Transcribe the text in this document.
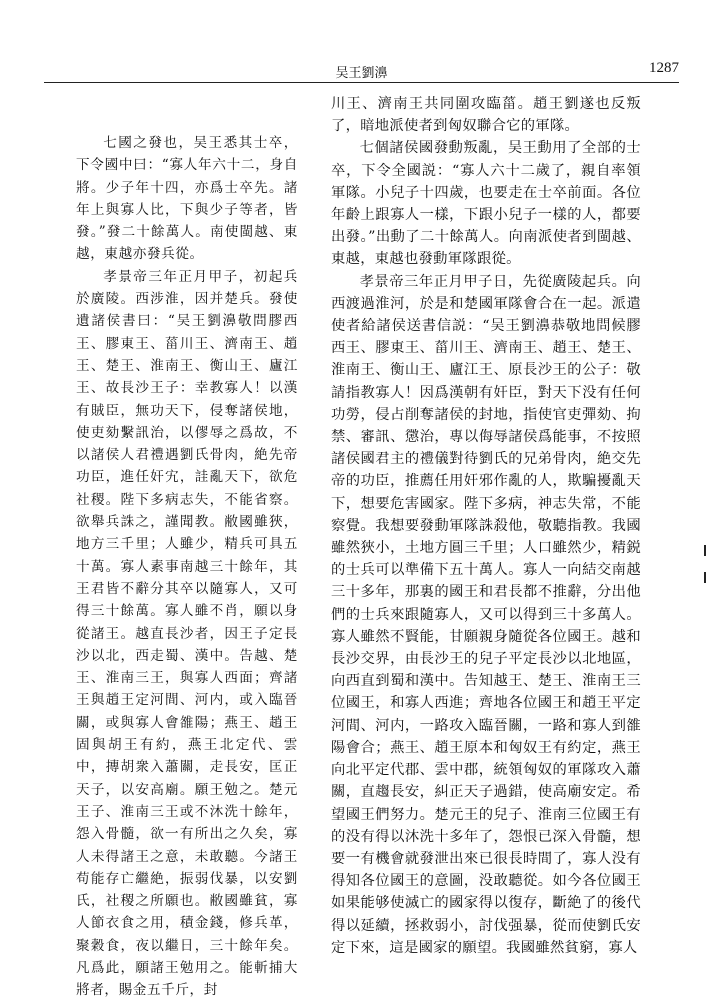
吴王劉濞	1287

七國之發也，吴王悉其士卒，下令國中曰：“寡人年六十二，身自將。少子年十四，亦爲士卒先。諸年上與寡人比，下與少子等者，皆發。”發二十餘萬人。南使閩越、東越，東越亦發兵從。

孝景帝三年正月甲子，初起兵於廣陵。西涉淮，因并楚兵。發使遺諸侯書曰：“吴王劉濞敬問膠西王、膠東王、菑川王、濟南王、趙王、楚王、淮南王、衡山王、廬江王、故長沙王子：幸教寡人！以漢有賊臣，無功天下，侵奪諸侯地，使吏劾繫訊治，以僇辱之爲故，不以諸侯人君禮遇劉氏骨肉，絶先帝功臣，進任奸宄，詿亂天下，欲危社稷。陛下多病志失，不能省察。欲舉兵誅之，謹聞教。敝國雖狹，地方三千里；人雖少，精兵可具五十萬。寡人素事南越三十餘年，其王君皆不辭分其卒以隨寡人，又可得三十餘萬。寡人雖不肖，願以身從諸王。越直長沙者，因王子定長沙以北，西走蜀、漢中。告越、楚王、淮南三王，與寡人西面；齊諸王與趙王定河間、河内，或入臨晉關，或與寡人會雒陽；燕王、趙王固與胡王有約，燕王北定代、雲中，摶胡衆入蕭關，走長安，匡正天子，以安高廟。願王勉之。楚元王子、淮南三王或不沐洗十餘年，怨入骨髓，欲一有所出之久矣，寡人未得諸王之意，未敢聽。今諸王苟能存亡繼絶，振弱伐暴，以安劉氏，社稷之所願也。敝國雖貧，寡人節衣食之用，積金錢，修兵革，聚穀食，夜以繼日，三十餘年矣。凡爲此，願諸王勉用之。能斬捕大將者，賜金五千斤，封

川王、濟南王共同圍攻臨菑。趙王劉遂也反叛了，暗地派使者到匈奴聯合它的軍隊。

七個諸侯國發動叛亂，吴王動用了全部的士卒，下令全國説：“寡人六十二歲了，親自率領軍隊。小兒子十四歲，也要走在士卒前面。各位年齡上跟寡人一樣，下跟小兒子一樣的人，都要出發。”出動了二十餘萬人。向南派使者到閩越、東越，東越也發動軍隊跟從。

孝景帝三年正月甲子日，先從廣陵起兵。向西渡過淮河，於是和楚國軍隊會合在一起。派遣使者給諸侯送書信説：“吴王劉濞恭敬地問候膠西王、膠東王、菑川王、濟南王、趙王、楚王、淮南王、衡山王、廬江王、原長沙王的公子：敬請指教寡人！因爲漢朝有奸臣，對天下没有任何功勞，侵占削奪諸侯的封地，指使官吏彈劾、拘禁、審訊、懲治，專以侮辱諸侯爲能事，不按照諸侯國君主的禮儀對待劉氏的兄弟骨肉，絶交先帝的功臣，推薦任用奸邪作亂的人，欺騙擾亂天下，想要危害國家。陛下多病，神志失常，不能察覺。我想要發動軍隊誅殺他，敬聽指教。我國雖然狹小，土地方圓三千里；人口雖然少，精鋭的士兵可以準備下五十萬人。寡人一向結交南越三十多年，那裏的國王和君長都不推辭，分出他們的士兵來跟隨寡人，又可以得到三十多萬人。寡人雖然不賢能，甘願親身隨從各位國王。越和長沙交界，由長沙王的兒子平定長沙以北地區，向西直到蜀和漢中。告知越王、楚王、淮南王三位國王，和寡人西進；齊地各位國王和趙王平定河間、河内，一路攻入臨晉關，一路和寡人到雒陽會合；燕王、趙王原本和匈奴王有約定，燕王向北平定代郡、雲中郡，統領匈奴的軍隊攻入蕭關，直趨長安，糾正天子過錯，使高廟安定。希望國王們努力。楚元王的兒子、淮南三位國王有的没有得以沐洗十多年了，怨恨已深入骨髓，想要一有機會就發泄出來已很長時間了，寡人没有得知各位國王的意圖，没敢聽從。如今各位國王如果能够使滅亡的國家得以復存，斷絶了的後代得以延續，拯救弱小，討伐强暴，從而使劉氏安定下來，這是國家的願望。我國雖然貧窮，寡人
